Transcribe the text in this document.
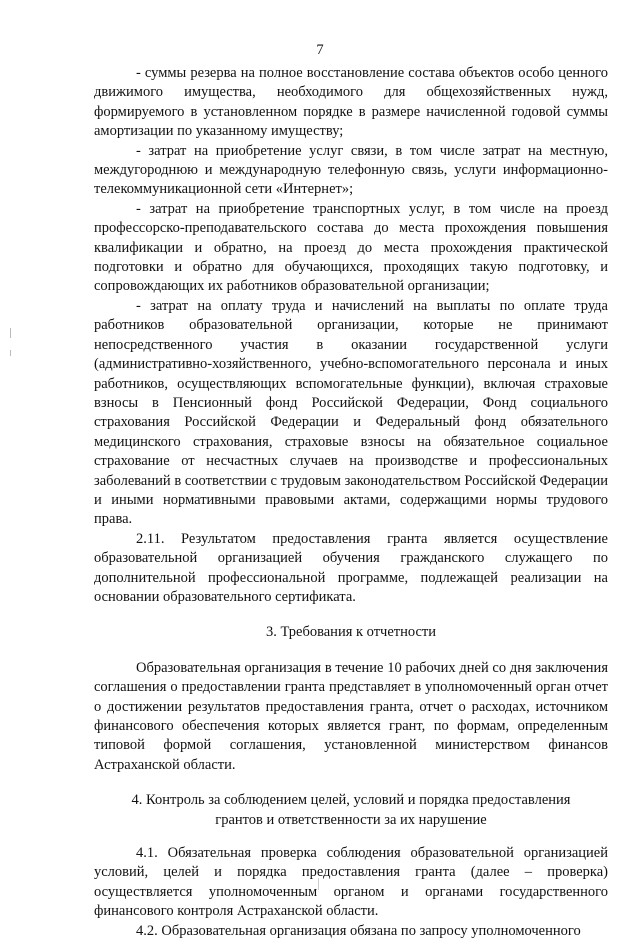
7

- суммы резерва на полное восстановление состава объектов особо ценного движимого имущества, необходимого для общехозяйственных нужд, формируемого в установленном порядке в размере начисленной годовой суммы амортизации по указанному имуществу;

- затрат на приобретение услуг связи, в том числе затрат на местную, междугороднюю и международную телефонную связь, услуги информационно-телекоммуникационной сети «Интернет»;

- затрат на приобретение транспортных услуг, в том числе на проезд профессорско-преподавательского состава до места прохождения повышения квалификации и обратно, на проезд до места прохождения практической подготовки и обратно для обучающихся, проходящих такую подготовку, и сопровождающих их работников образовательной организации;

- затрат на оплату труда и начислений на выплаты по оплате труда работников образовательной организации, которые не принимают непосредственного участия в оказании государственной услуги (административно-хозяйственного, учебно-вспомогательного персонала и иных работников, осуществляющих вспомогательные функции), включая страховые взносы в Пенсионный фонд Российской Федерации, Фонд социального страхования Российской Федерации и Федеральный фонд обязательного медицинского страхования, страховые взносы на обязательное социальное страхование от несчастных случаев на производстве и профессиональных заболеваний в соответствии с трудовым законодательством Российской Федерации и иными нормативными правовыми актами, содержащими нормы трудового права.

2.11. Результатом предоставления гранта является осуществление образовательной организацией обучения гражданского служащего по дополнительной профессиональной программе, подлежащей реализации на основании образовательного сертификата.

3. Требования к отчетности

Образовательная организация в течение 10 рабочих дней со дня заключения соглашения о предоставлении гранта представляет в уполномоченный орган отчет о достижении результатов предоставления гранта, отчет о расходах, источником финансового обеспечения которых является грант, по формам, определенным типовой формой соглашения, установленной министерством финансов Астраханской области.

4. Контроль за соблюдением целей, условий и порядка предоставления
грантов и ответственности за их нарушение

4.1. Обязательная проверка соблюдения образовательной организацией условий, целей и порядка предоставления гранта (далее – проверка) осуществляется уполномоченным органом и органами государственного финансового контроля Астраханской области.

4.2. Образовательная организация обязана по запросу уполномоченного
